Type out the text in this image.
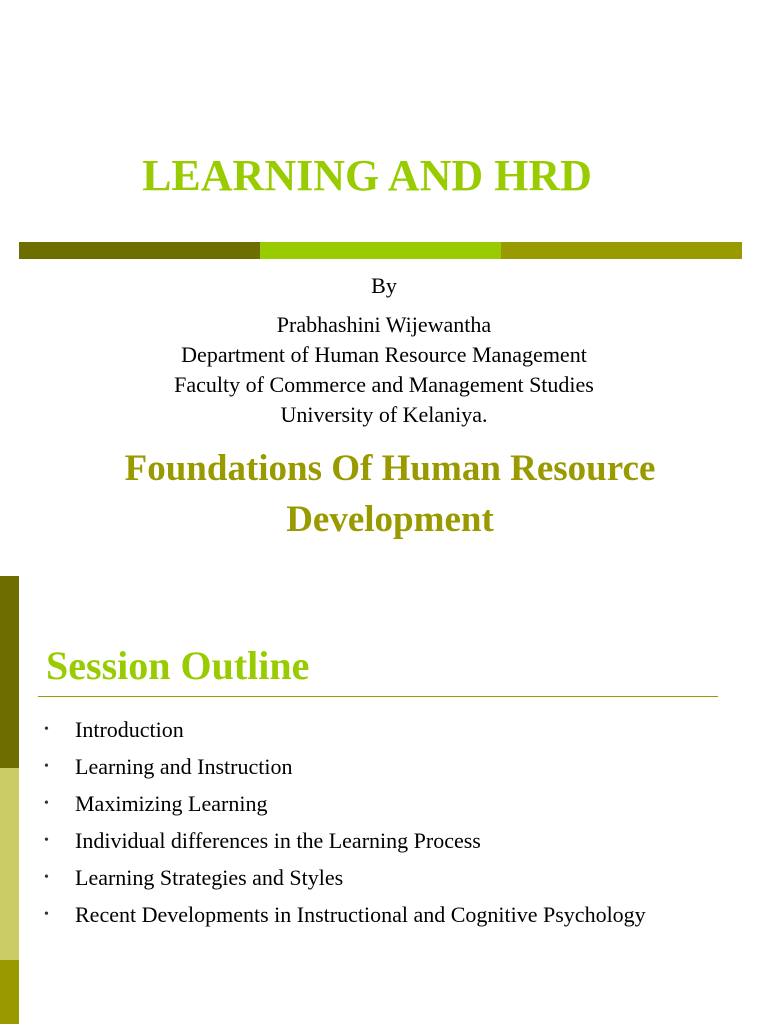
LEARNING AND HRD
By
Prabhashini Wijewantha
Department of Human Resource Management
Faculty of Commerce and Management Studies
University of Kelaniya.
Foundations Of Human Resource
Development
Session Outline
• Introduction
• Learning and Instruction
• Maximizing Learning
• Individual differences in the Learning Process
• Learning Strategies and Styles
• Recent Developments in Instructional and Cognitive Psychology
